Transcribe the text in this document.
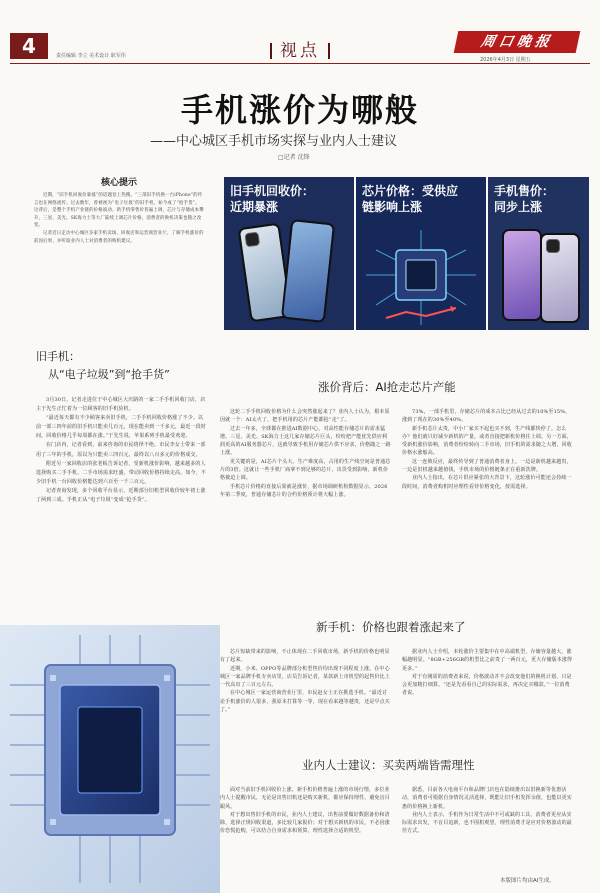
4	责任编辑 李立 美术设计 耿军伟	视点	周口晚报
2026年4月3日 星期五
手机涨价为哪般
——中心城区手机市场实探与业内人士建议
□记者 沈锋
核心提示

近期，“旧手机回收价暴涨”的话题登上热搜。“三部旧手机换一台iPhone”的传言也在网络流传。过去数年，曾被视为“电子垃圾”的旧手机，如今成了“抢手货”。这背后，是整个手机产业链的价格波动。新手机零售价普遍上调，芯片与存储成本攀升，三星、美光、SK海力士等大厂陆续上调芯片价格，消费者的换机决策也随之改变。

记者近日走访中心城区多家手机卖场、回收店和运营商营业厅，了解手机涨价的前因后果，并听取业内人士对消费者的购机建议。

旧手机回收价：
近期暴涨
芯片价格：受供应
链影响上涨
手机售价：
同步上涨
旧手机：
从“电子垃圾”到“抢手货”

3月30日，记者走进位于中心城区大庆路的一家二手手机回收门店，店主于先生正忙着为一位顾客的旧手机验机。

“最近每天都有不少顾客来卖旧手机，二手手机回收价格涨了不少。以前一部三四年前的旧手机只能卖几百元，现在能卖到一千多元，最近一段时间，回收价格几乎每周都在涨。”于先生说，苹果系列手机最受欢迎。

在门店内，记者看到，前来咨询的市民络绎不绝。市民李女士带来一部用了三年的手机，原以为只能卖三四百元，最终以八百多元的价格成交。

附近另一家回收店的张老板告诉记者，受新机涨价影响，越来越多的人选择购买二手手机，二手市场需求旺盛，带动回收价格持续走高。如今，不少旧手机一台回收价格能达到六百至一千三百元。

记者查询发现，多个回收平台显示，近期部分旧机型回收价较年初上涨了两到三成。手机正从“电子垃圾”变成“抢手货”。

涨价背后：AI抢走芯片产能

这轮二手手机回收价格为什么会突然涨起来了？业内人士认为，根本原因就一个：AI太火了，把手机用的芯片产能都抢“走”了。

过去一年多，全球都在推进AI数据中心，对高性能存储芯片的需求猛增。三星、美光、SK海力士这几家存储芯片巨头，纷纷把产能优先供应利润更高的AI服务器芯片，这就导致手机用存储芯片供不应求，价格随之一路上涨。

更关键的是，AI芯片个头大、生产难度高，占用的生产线空间是普通芯片的3倍。这就让一些手机厂商拿不到足够的芯片，出货受到影响，新机价格被迫上调。

手机芯片价格的直接后果就是涨价，据市场调研机构数据显示，2026年第二季度，普通存储芯片的合约价格预计将大幅上涨。

73%，一部手机里，存储芯片的成本占比已经从过去的10%至15%，涨到了现在的30%至40%。

新手机芯片太贵，中小厂家买不起也买不到，生产线都快停了。怎么办？他们就只好减少新机的产量，或者直接把新机价格往上调。另一方面，受新机涨价影响，消费者纷纷转向二手市场，旧手机的需求随之大增，回收价格水涨船高。

这一连锁反应，最终传导到了普通消费者身上。一边是新机越来越贵，一边是旧机越来越值钱，手机市场的价格链条正在重新洗牌。

业内人士指出，在芯片供应紧张的大背景下，这轮涨价可能还会持续一段时间，消费者购机时应理性看待价格变化，按需选择。

新手机：价格也跟着涨起来了

芯片短缺带来的影响，不止体现在二手回收市场，新手机的价格也明显有了起来。

近期，小米、OPPO等品牌部分机型售价均出现不同程度上涨。在中心城区一家品牌手机专卖店里，店员告诉记者，某款新上市机型的起售价比上一代高出了三百元左右。

在中心城区一家运营商营业厅里，市民赵女士正在挑选手机。“最近讨论手机涨价的人很多，我原本打算等一等，现在看来越等越贵，还是早点买了。”

据业内人士介绍，本轮涨价主要集中在中高端机型，存储容量越大，涨幅越明显。“8GB+256GB的机型比之前贵了一两百元，更大存储版本涨得更多。”

对于有刚需的消费者来说，价格波动并不会改变他们的换机计划，只是会更加精打细算。“还是先看看自己的实际需求，再决定买哪款。”一位消费者说。

业内人士建议：买卖两端皆需理性

面对当前旧手机回收价上涨、新手机价格普遍上涨的市场行情，多位业内人士提醒市民，无论是出售旧机还是购买新机，都应保持理性，避免盲目跟风。

对于想出售旧手机的市民，业内人士建议，出售前要做好数据备份和清除，选择正规回收渠道，多比较几家报价；对于想买新机的市民，不必因涨价恐慌抢购，可以结合自身需求和预算，理性选择合适的机型。

据悉，目前各大电商平台和品牌门店也在陆续推出以旧换新等优惠活动，消费者可根据自身情况灵活选择，既能让旧手机发挥余值，也能以更实惠的价格换上新机。

业内人士表示，手机作为日常生活中不可或缺的工具，消费者更应从实际需求出发，不盲目追新，也不囤机观望，理性消费才是应对价格波动的最佳方式。

本版图片均由AI生成。
